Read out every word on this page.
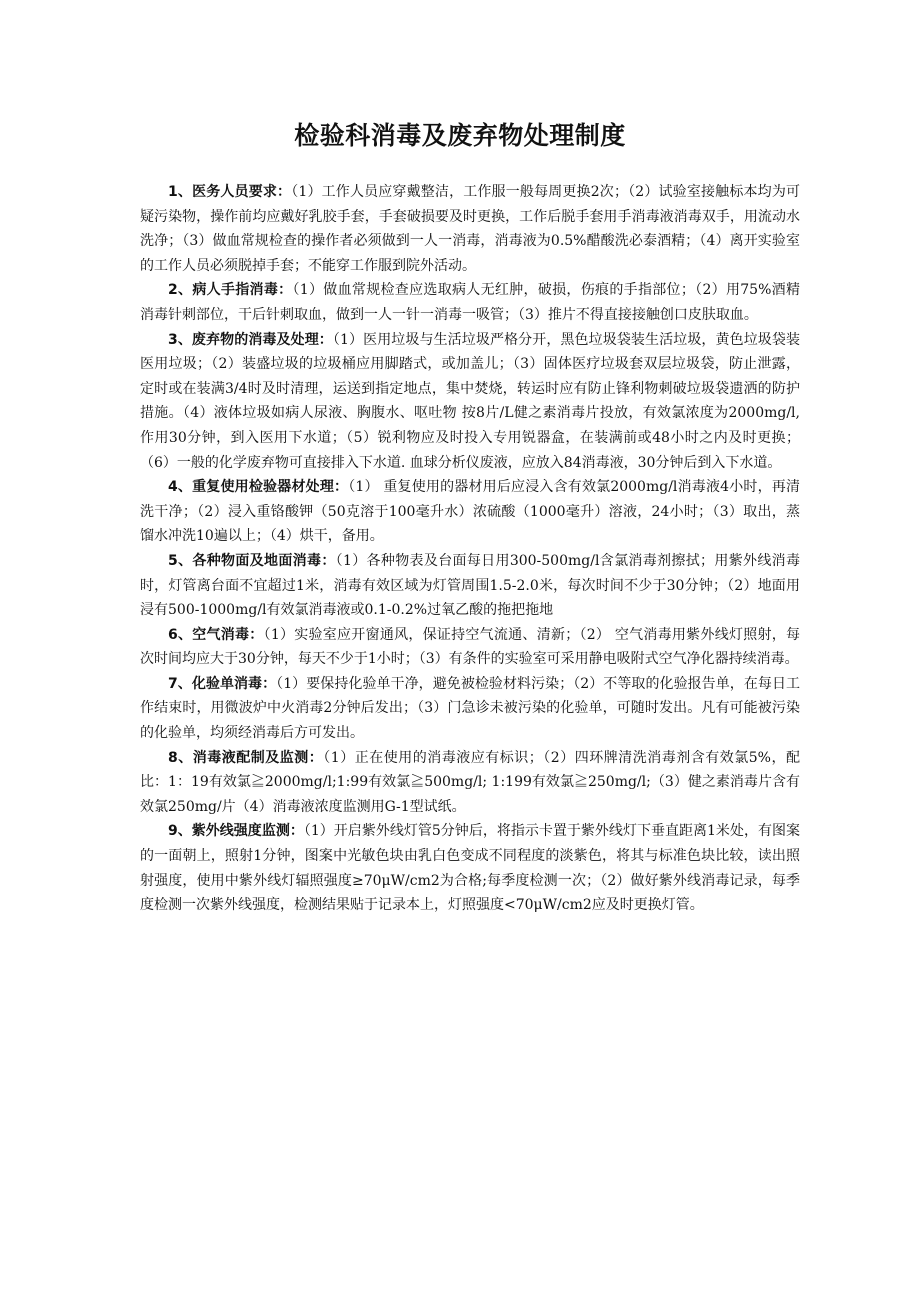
检验科消毒及废弃物处理制度

1、医务人员要求：（1）工作人员应穿戴整洁，工作服一般每周更换2次；（2）试验室接触标本均为可疑污染物，操作前均应戴好乳胶手套，手套破损要及时更换，工作后脱手套用手消毒液消毒双手，用流动水洗净；（3）做血常规检查的操作者必须做到一人一消毒，消毒液为0.5%醋酸洗必泰酒精；（4）离开实验室的工作人员必须脱掉手套；不能穿工作服到院外活动。

2、病人手指消毒：（1）做血常规检查应选取病人无红肿，破损，伤痕的手指部位；（2）用75%酒精消毒针刺部位，干后针刺取血，做到一人一针一消毒一吸管；（3）推片不得直接接触创口皮肤取血。

3、废弃物的消毒及处理：（1）医用垃圾与生活垃圾严格分开，黑色垃圾袋装生活垃圾，黄色垃圾袋装医用垃圾；（2）装盛垃圾的垃圾桶应用脚踏式，或加盖儿；（3）固体医疗垃圾套双层垃圾袋，防止泄露，定时或在装满3/4时及时清理，运送到指定地点，集中焚烧，转运时应有防止锋利物刺破垃圾袋遗洒的防护措施。（4）液体垃圾如病人尿液、胸腹水、呕吐物 按8片/L健之素消毒片投放，有效氯浓度为2000mg/l,作用30分钟，到入医用下水道；（5）锐利物应及时投入专用锐器盒，在装满前或48小时之内及时更换；（6）一般的化学废弃物可直接排入下水道. 血球分析仪废液，应放入84消毒液，30分钟后到入下水道。

4、重复使用检验器材处理：（1） 重复使用的器材用后应浸入含有效氯2000mg/l消毒液4小时，再清洗干净；（2）浸入重铬酸钾（50克溶于100毫升水）浓硫酸（1000毫升）溶液，24小时；（3）取出，蒸馏水冲洗10遍以上；（4）烘干，备用。

5、各种物面及地面消毒：（1）各种物表及台面每日用300-500mg/l含氯消毒剂擦拭；用紫外线消毒时，灯管离台面不宜超过1米，消毒有效区域为灯管周围1.5-2.0米，每次时间不少于30分钟；（2）地面用浸有500-1000mg/l有效氯消毒液或0.1-0.2%过氧乙酸的拖把拖地

6、空气消毒：（1）实验室应开窗通风，保证持空气流通、清新；（2） 空气消毒用紫外线灯照射，每次时间均应大于30分钟，每天不少于1小时；（3）有条件的实验室可采用静电吸附式空气净化器持续消毒。

7、化验单消毒：（1）要保持化验单干净，避免被检验材料污染；（2）不等取的化验报告单，在每日工作结束时，用微波炉中火消毒2分钟后发出；（3）门急诊未被污染的化验单，可随时发出。凡有可能被污染的化验单，均须经消毒后方可发出。

8、消毒液配制及监测：（1）正在使用的消毒液应有标识；（2）四环牌清洗消毒剂含有效氯5%，配比：1：19有效氯≧2000mg/l;1:99有效氯≧500mg/l; 1:199有效氯≧250mg/l;（3）健之素消毒片含有效氯250mg/片（4）消毒液浓度监测用G-1型试纸。

9、紫外线强度监测：（1）开启紫外线灯管5分钟后，将指示卡置于紫外线灯下垂直距离1米处，有图案的一面朝上，照射1分钟，图案中光敏色块由乳白色变成不同程度的淡紫色，将其与标准色块比较，读出照射强度，使用中紫外线灯辐照强度≥70μW/cm2为合格;每季度检测一次；（2）做好紫外线消毒记录，每季度检测一次紫外线强度，检测结果贴于记录本上，灯照强度<70μW/cm2应及时更换灯管。
